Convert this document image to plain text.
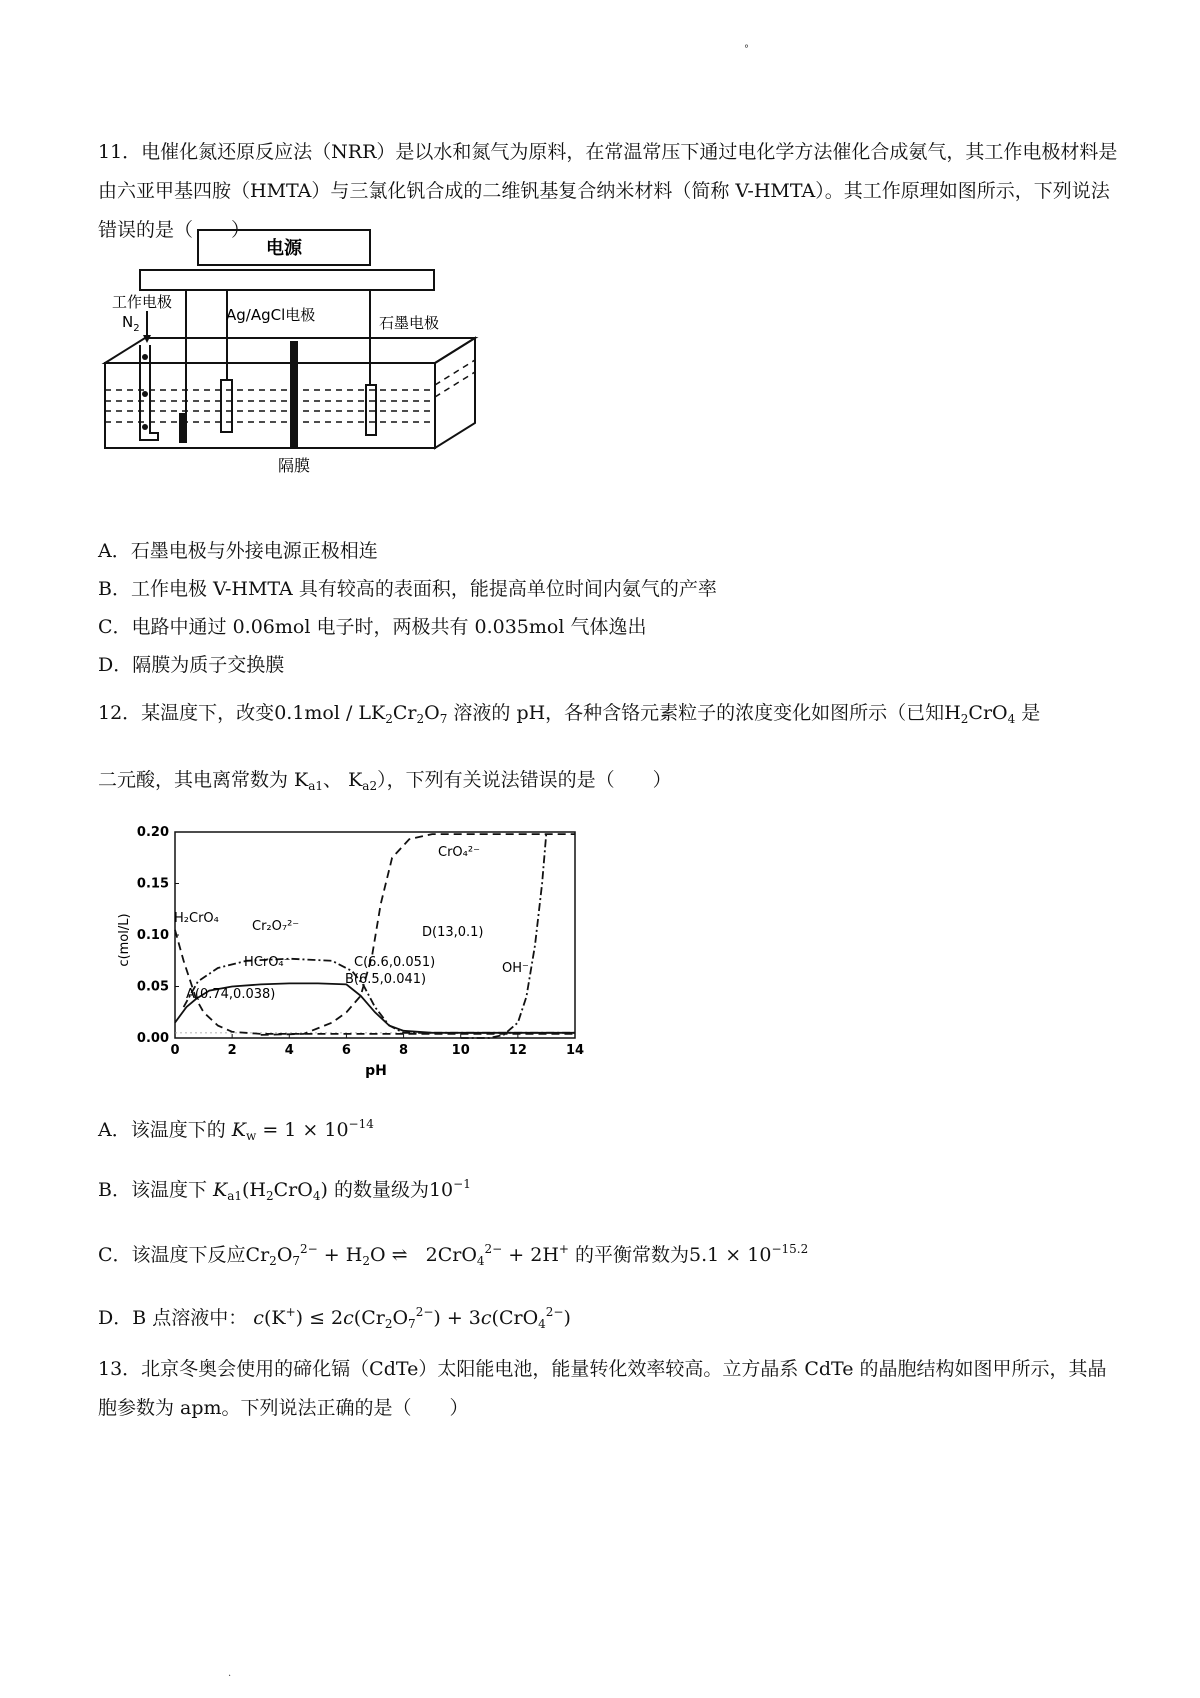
°

11．电催化氮还原反应法（NRR）是以水和氮气为原料，在常温常压下通过电化学方法催化合成氨气，其工作电极材料是由六亚甲基四胺（HMTA）与三氯化钒合成的二维钒基复合纳米材料（简称 V-HMTA）。其工作原理如图所示，下列说法错误的是（　　）

电源
工作电极
$N_2$
Ag/AgCl电极	石墨电极
隔膜
A．石墨电极与外接电源正极相连
B．工作电极 V-HMTA 具有较高的表面积，能提高单位时间内氨气的产率
C．电路中通过 0.06mol 电子时，两极共有 0.035mol 气体逸出
D．隔膜为质子交换膜
12．某温度下，改变$0.1mol / LK_2Cr_2O_7$ 溶液的 pH，各种含铬元素粒子的浓度变化如图所示（已知$H_2CrO_4$ 是
二元酸，其电离常数为 $K_{a1}$、 $K_{a2}$），下列有关说法错误的是（　　）
0	2	4	6	8	10	12	14
0.00
0.05
0.10
0.15
0.20
c(mol/L)
pH
CrO₄²⁻
H₂CrO₄
Cr₂O₇²⁻
HCrO₄⁻	C(6.6,0.051)
B(6.5,0.041)
A(0.74,0.038)
D(13,0.1)
OH⁻
A．该温度下的 $K_w = 1 \times 10^{-14}$
B．该温度下 $K_{a1}(H_2CrO_4)$ 的数量级为$10^{-1}$
C．该温度下反应$Cr_2O_7^{2-} + H_2O$ ⇌   2CrO$_4^{2-}$ + 2H+ 的平衡常数为$5.1 \times 10^{-15.2}$
D．B 点溶液中： $c(K^+) \le 2c(Cr_2O_7^{2-}) + 3c(CrO_4^{2-})$

13．北京冬奥会使用的碲化镉（CdTe）太阳能电池，能量转化效率较高。立方晶系 CdTe 的晶胞结构如图甲所示，其晶胞参数为 apm。下列说法正确的是（　　）

.
